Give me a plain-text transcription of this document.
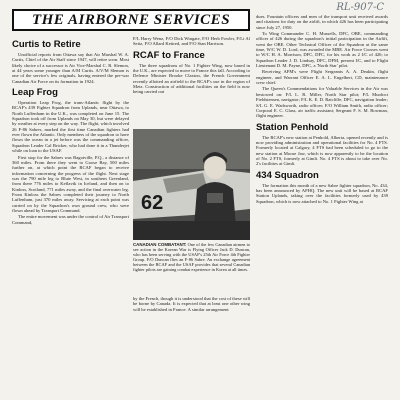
RL-907-C
THE AIRBORNE SERVICES
Curtis to Retire

Unofficial reports from Ottawa say that Air Marshal W. A. Curtis, Chief of the Air Staff since 1947, will retire soon. Most likely choice of a successor is Air Vice-Marshal C. R. Slemon, at 44 years some younger than A/M Curtis. A/V/M Slemon is one of the service's few originals, having entered the pre-war Canadian Air Force on its formation in 1924.

Leap Frog

Operation Leap Frog, the trans-Atlantic flight by the RCAF's 439 Fighter Squadron from Uplands, near Ottawa, to North Luffenham in the U.K., was completed on June 15. The Squadron took off from Uplands on May 30, but were delayed by weather at every step on the way. The flight, which involved 26 F-86 Sabres, marked the first time Canadian fighters had ever flown the Atlantic. Only members of the squadron to have flown the ocean in a jet before was the commanding officer, Squadron Leader Cal Bricker, who had done it in a Thunderjet while on loan to the USAF.

First stop for the Sabres was Bagotville, P.Q., a distance of 360 miles. From there they went to Goose Bay, 500 miles further on, at which point the RCAF began to receive information concerning the progress of the flight. Next stage was the 790 mile leg to Bluie West, in southern Greenland, from there 776 miles to Keflavik in Iceland, and then on to Kinloss, Scotland, 771 miles away, and the final overwater leg. From Kinloss the Sabres completed their journey to North Luffenham, just 370 miles away. Servicing at each point was carried on by the Squadron's own ground crew, who were flown ahead by Transport Command.

The entire movement was under the control of Air Transport Command,

F/L Harry Wenz, F/O Dick Wingate, F/O Herb Fowler, F/Lt Al Seitz, F/O Allard Kettred, and F/O Stan Harrison.

RCAF to France

The three squadrons of No. 1 Fighter Wing, now based in the U.K., are expected to move to France this fall. According to Defence Minister Brooke Claxton, the French Government recently allotted an airfield to the RCAF's use in the region of Metz. Construction of additional facilities on the field is now being carried out

62
CANADIAN COMBATANT: One of the few Canadian airmen to see action in the Korean War is Flying Officer Jack D. Duncan, who has been serving with the USAF's 25th Air Force 4th Fighter Group. F/O Duncan flies an F-86 Sabre. An exchange agreement between the RCAF and the USAF provides that several Canadian fighter pilots are gaining combat experience in Korea at all times.

by the French, though it is understood that the cost of these will be borne by Canada. It is expected that at least one other wing will be established in France. A similar arrangement

dues. Fountain officers and men of the transport unit received awards and citations for duty on the airlift, in which 426 has been participating since July 27, 1950.

To Wing Commander C. H. Mussells, DFC, OBE, commanding officer of 426 during the squadron's initial participation in the Airlift, went the OBE. Other Technical Officer of the Squadron at the same time, W/C W. D. Lord, was awarded the MBE. Air Force Crosses went to W/C H. A. Morrison, DFC, DFC, for his work as 2 I/C of 426; to Squadron Leader J. D. Lindsay, DFC, DFM, present I/C, and to Flight Lieutenant D. M. Payne, DFC, a 'North Star' pilot.

Receiving AFM's were Flight Sergeants A. A. Deakin, flight engineer, and Warrant Officer E. A. L. Engelbert, CD, maintenance crew chief.

The Queen's Commendations for Valuable Services in the Air was bestowed on: F/L L. R. Miller, North Star pilot; F/L Murdoct Fieldstensen, navigator; F/L K. E. D. Ratcliffe, DFC, navigation leader; S/L G. E. Wadsworth, radio officer; F/O William Smith, radio officer; Corporal E. C. Glass, air traffic assistant; Sergeant F. S. M. Bowman, flight engineer.

Station Penhold

The RCAF's new station at Penhold, Alberta, opened recently and is now providing administration and operational facilities for No. 4 FTS. Formerly located at Calgary, 4 FTS had been scheduled to go to the new station at Moose Jaw, which is now apparently to be the location of No. 2 FTS, formerly at Gimli. No. 4 FTS is about to take over No. 2's facilities at Gimli.

434 Squadron

The formation this month of a new Sabre fighter squadron, No. 434, has been announced by AFHQ. The new unit will be based at RCAF Station Uplands, taking over the facilities formerly used by 439 Squadron, which is now attached to No. 1 Fighter Wing at
